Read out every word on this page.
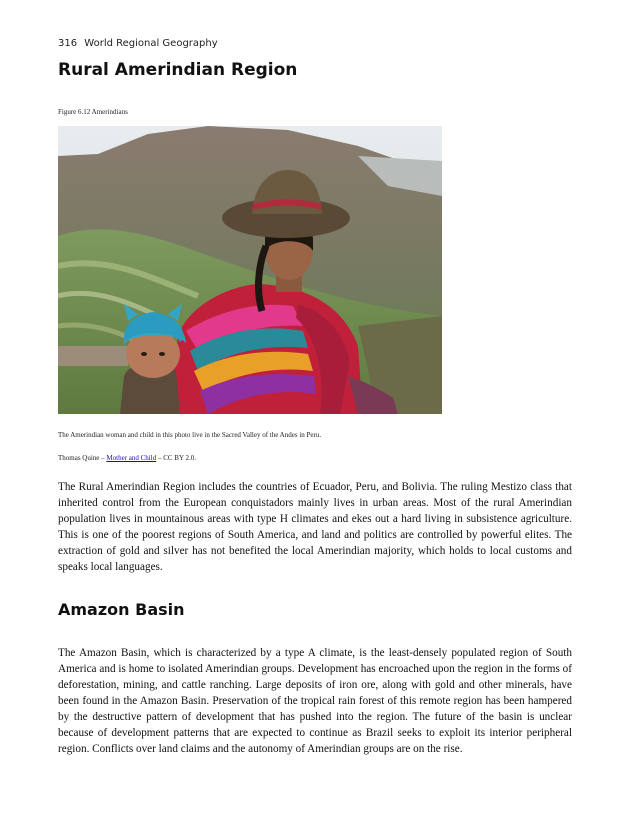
316 World Regional Geography
Rural Amerindian Region
Figure 6.12 Amerindians
The Amerindian woman and child in this photo live in the Sacred Valley of the Andes in Peru.
Thomas Quine – Mother and Child – CC BY 2.0.

The Rural Amerindian Region includes the countries of Ecuador, Peru, and Bolivia. The ruling Mestizo class that inherited control from the European conquistadors mainly lives in urban areas. Most of the rural Amerindian population lives in mountainous areas with type H climates and ekes out a hard living in subsistence agriculture. This is one of the poorest regions of South America, and land and politics are controlled by powerful elites. The extraction of gold and silver has not benefited the local Amerindian majority, which holds to local customs and speaks local languages.

Amazon Basin

The Amazon Basin, which is characterized by a type A climate, is the least-densely populated region of South America and is home to isolated Amerindian groups. Development has encroached upon the region in the forms of deforestation, mining, and cattle ranching. Large deposits of iron ore, along with gold and other minerals, have been found in the Amazon Basin. Preservation of the tropical rain forest of this remote region has been hampered by the destructive pattern of development that has pushed into the region. The future of the basin is unclear because of development patterns that are expected to continue as Brazil seeks to exploit its interior peripheral region. Conflicts over land claims and the autonomy of Amerindian groups are on the rise.
